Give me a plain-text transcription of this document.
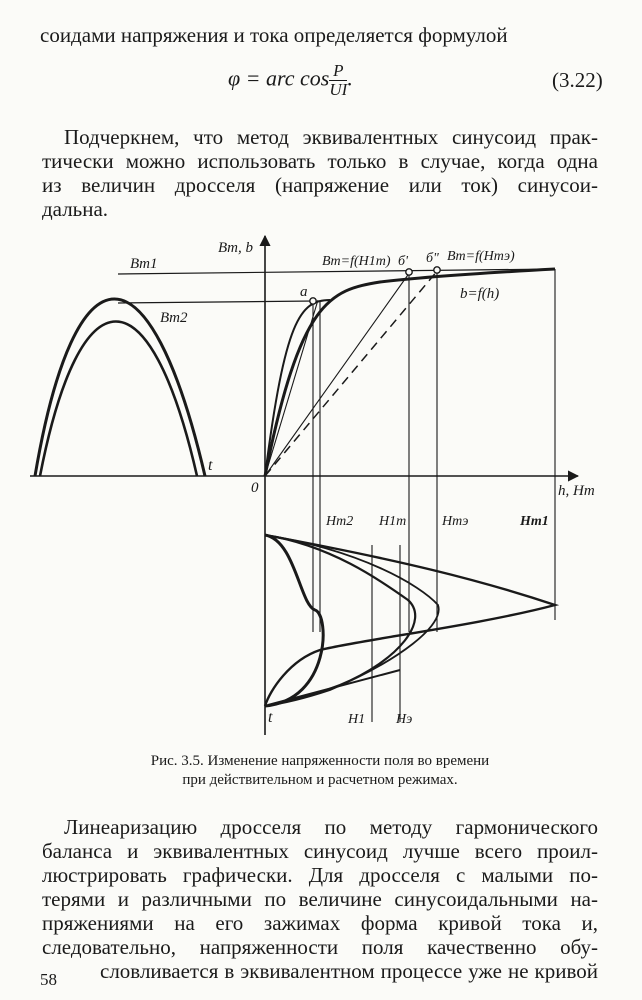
соидами напряжения и тока определяется формулой
φ = arc $\cos \frac{P}{UI}$ .	(3.22)
Подчеркнем, что метод эквивалентных синусоид прак-
тически можно использовать только в случае, когда одна
из величин дросселя (напряжение или ток) синусои-
дальна.
Bm, b
h, Hm
0
Bm1
Bm2
t
a
Bm=f(H1m) б' б" Bm=f(Hmэ)
b=f(h)
Hm2 H1m	Hmэ	Hm1
H1 Hэ
t
Рис. 3.5. Изменение напряженности поля во времени
при действительном и расчетном режимах.
Линеаризацию дросселя по методу гармонического
баланса и эквивалентных синусоид лучше всего проил-
люстрировать графически. Для дросселя с малыми по-
терями и различными по величине синусоидальными на-
пряжениями на его зажимах форма кривой тока и,
следовательно, напряженности поля качественно обу-
словливается в эквивалентном процессе уже не кривой
58
